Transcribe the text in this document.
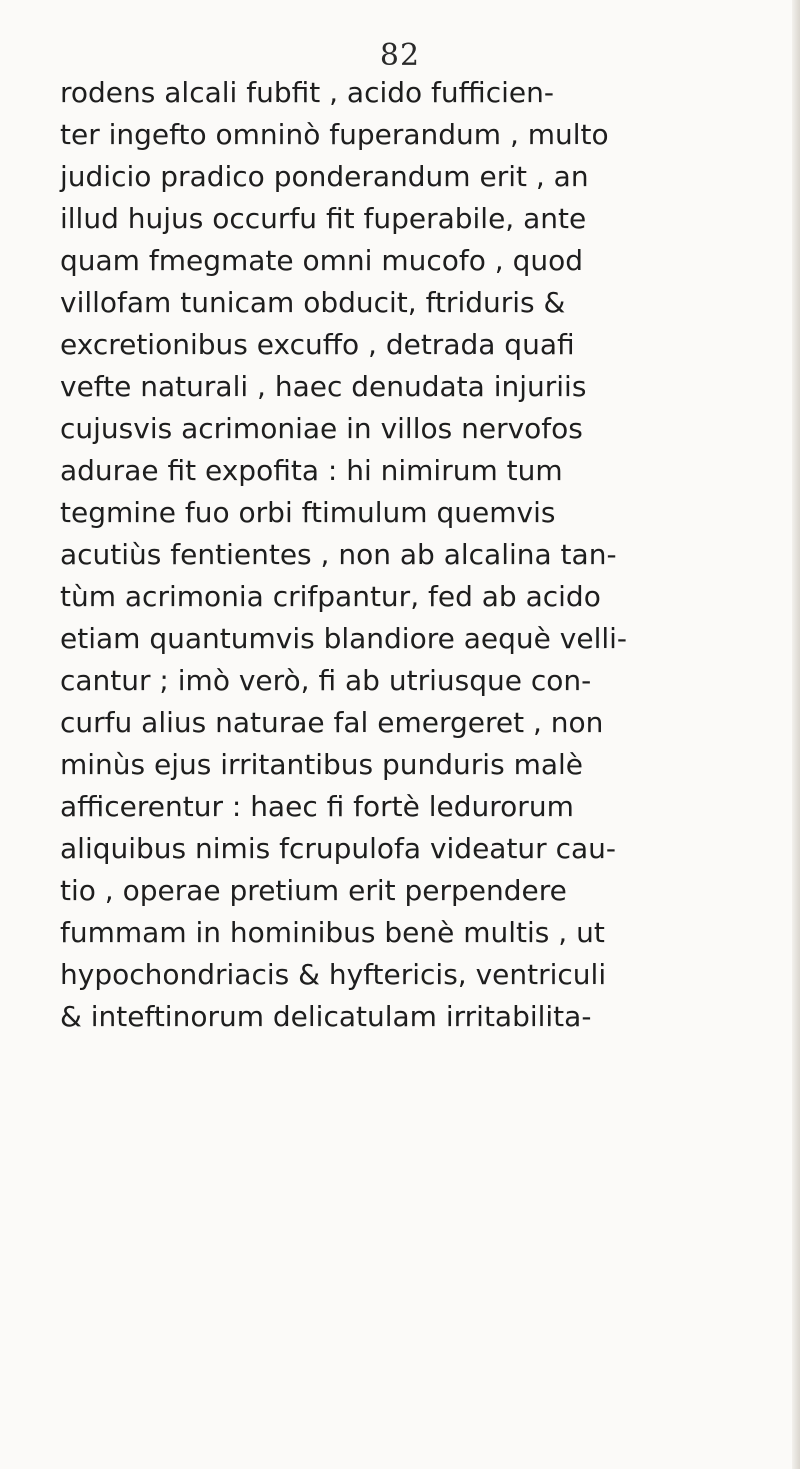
82
rodens alcali fubfit , acido fufficien-
ter ingefto omninò fuperandum , multo
judicio pradico ponderandum erit , an
illud hujus occurfu fit fuperabile, ante
quam fmegmate omni mucofo , quod
villofam tunicam obducit, ftriduris &
excretionibus excuffo , detrada quafi
vefte naturali , haec denudata injuriis
cujusvis acrimoniae in villos nervofos
adurae fit expofita : hi nimirum tum
tegmine fuo orbi ftimulum quemvis
acutiùs fentientes , non ab alcalina tan-
tùm acrimonia crifpantur, fed ab acido
etiam quantumvis blandiore aequè velli-
cantur ; imò verò, fi ab utriusque con-
curfu alius naturae fal emergeret , non
minùs ejus irritantibus punduris malè
afficerentur : haec fi fortè ledurorum
aliquibus nimis fcrupulofa videatur cau-
tio , operae pretium erit perpendere
fummam in hominibus benè multis , ut
hypochondriacis & hyftericis, ventriculi
& inteftinorum delicatulam irritabilita-
